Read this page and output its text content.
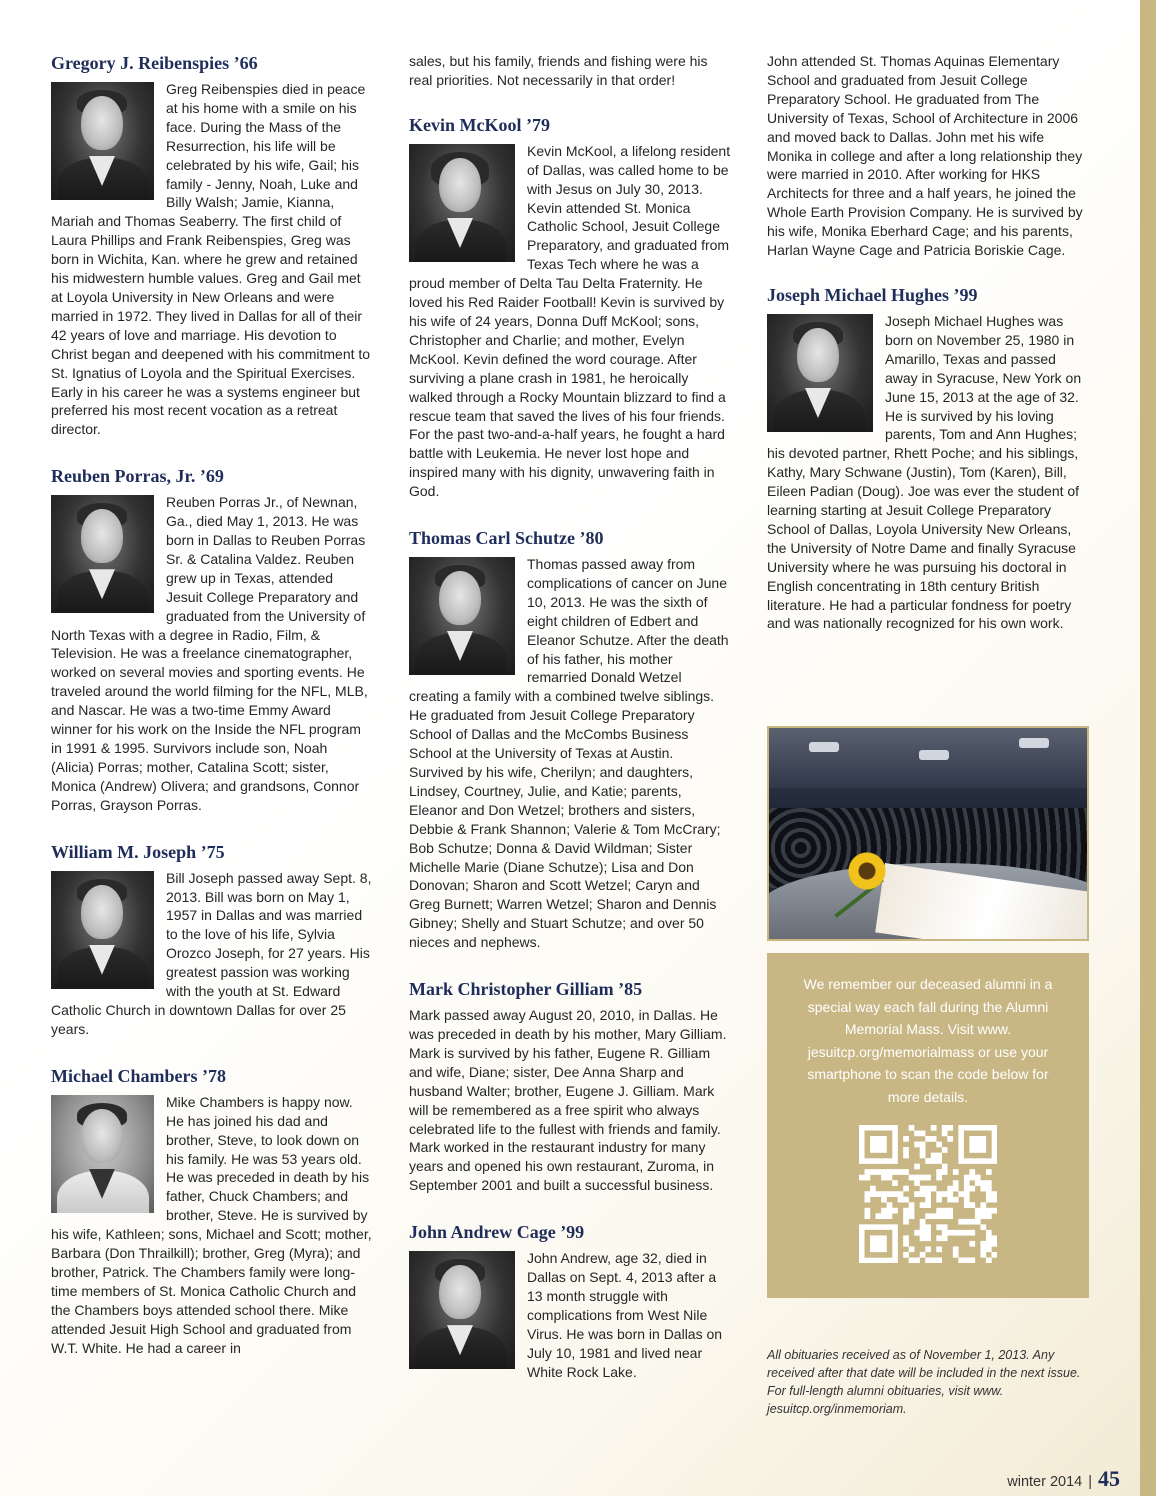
Gregory J. Reibenspies ’66

Greg Reibenspies died in peace at his home with a smile on his face. During the Mass of the Resurrection, his life will be celebrated by his wife, Gail; his family - Jenny, Noah, Luke and Billy Walsh; Jamie, Kianna, Mariah and Thomas Seaberry. The first child of Laura Phillips and Frank Reibenspies, Greg was born in Wichita, Kan. where he grew and retained his midwestern humble values. Greg and Gail met at Loyola University in New Orleans and were married in 1972. They lived in Dallas for all of their 42 years of love and marriage. His devotion to Christ began and deepened with his commitment to St. Ignatius of Loyola and the Spiritual Exercises. Early in his career he was a systems engineer but preferred his most recent vocation as a retreat director.

Reuben Porras, Jr. ’69

Reuben Porras Jr., of Newnan, Ga., died May 1, 2013. He was born in Dallas to Reuben Porras Sr. & Catalina Valdez. Reuben grew up in Texas, attended Jesuit College Preparatory and graduated from the University of North Texas with a degree in Radio, Film, & Television. He was a freelance cinematographer, worked on several movies and sporting events. He traveled around the world filming for the NFL, MLB, and Nascar. He was a two-time Emmy Award winner for his work on the Inside the NFL program in 1991 & 1995. Survivors include son, Noah (Alicia) Porras; mother, Catalina Scott; sister, Monica (Andrew) Olivera; and grandsons, Connor Porras, Grayson Porras.

William M. Joseph ’75

Bill Joseph passed away Sept. 8, 2013. Bill was born on May 1, 1957 in Dallas and was married to the love of his life, Sylvia Orozco Joseph, for 27 years. His greatest passion was working with the youth at St. Edward Catholic Church in downtown Dallas for over 25 years.

Michael Chambers ’78

Mike Chambers is happy now. He has joined his dad and brother, Steve, to look down on his family. He was 53 years old. He was preceded in death by his father, Chuck Chambers; and brother, Steve. He is survived by his wife, Kathleen; sons, Michael and Scott; mother, Barbara (Don Thrailkill); brother, Greg (Myra); and brother, Patrick. The Chambers family were long-time members of St. Monica Catholic Church and the Chambers boys attended school there. Mike attended Jesuit High School and graduated from W.T. White. He had a career in

sales, but his family, friends and fishing were his real priorities. Not necessarily in that order!

Kevin McKool ’79

Kevin McKool, a lifelong resident of Dallas, was called home to be with Jesus on July 30, 2013. Kevin attended St. Monica Catholic School, Jesuit College Preparatory, and graduated from Texas Tech where he was a proud member of Delta Tau Delta Fraternity. He loved his Red Raider Football! Kevin is survived by his wife of 24 years, Donna Duff McKool; sons, Christopher and Charlie; and mother, Evelyn McKool. Kevin defined the word courage. After surviving a plane crash in 1981, he heroically walked through a Rocky Mountain blizzard to find a rescue team that saved the lives of his four friends. For the past two-and-a-half years, he fought a hard battle with Leukemia. He never lost hope and inspired many with his dignity, unwavering faith in God.

Thomas Carl Schutze ’80

Thomas passed away from complications of cancer on June 10, 2013. He was the sixth of eight children of Edbert and Eleanor Schutze. After the death of his father, his mother remarried Donald Wetzel creating a family with a combined twelve siblings. He graduated from Jesuit College Preparatory School of Dallas and the McCombs Business School at the University of Texas at Austin. Survived by his wife, Cherilyn; and daughters, Lindsey, Courtney, Julie, and Katie; parents, Eleanor and Don Wetzel; brothers and sisters, Debbie & Frank Shannon; Valerie & Tom McCrary; Bob Schutze; Donna & David Wildman; Sister Michelle Marie (Diane Schutze); Lisa and Don Donovan; Sharon and Scott Wetzel; Caryn and Greg Burnett; Warren Wetzel; Sharon and Dennis Gibney; Shelly and Stuart Schutze; and over 50 nieces and nephews.

Mark Christopher Gilliam ’85

Mark passed away August 20, 2010, in Dallas. He was preceded in death by his mother, Mary Gilliam. Mark is survived by his father, Eugene R. Gilliam and wife, Diane; sister, Dee Anna Sharp and husband Walter; brother, Eugene J. Gilliam. Mark will be remembered as a free spirit who always celebrated life to the fullest with friends and family. Mark worked in the restaurant industry for many years and opened his own restaurant, Zuroma, in September 2001 and built a successful business.

John Andrew Cage ’99

John Andrew, age 32, died in Dallas on Sept. 4, 2013 after a 13 month struggle with complications from West Nile Virus. He was born in Dallas on July 10, 1981 and lived near White Rock Lake.

John attended St. Thomas Aquinas Elementary School and graduated from Jesuit College Preparatory School. He graduated from The University of Texas, School of Architecture in 2006 and moved back to Dallas. John met his wife Monika in college and after a long relationship they were married in 2010. After working for HKS Architects for three and a half years, he joined the Whole Earth Provision Company. He is survived by his wife, Monika Eberhard Cage; and his parents, Harlan Wayne Cage and Patricia Boriskie Cage.

Joseph Michael Hughes ’99

Joseph Michael Hughes was born on November 25, 1980 in Amarillo, Texas and passed away in Syracuse, New York on June 15, 2013 at the age of 32. He is survived by his loving parents, Tom and Ann Hughes; his devoted partner, Rhett Poche; and his siblings, Kathy, Mary Schwane (Justin), Tom (Karen), Bill, Eileen Padian (Doug). Joe was ever the student of learning starting at Jesuit College Preparatory School of Dallas, Loyola University New Orleans, the University of Notre Dame and finally Syracuse University where he was pursuing his doctoral in English concentrating in 18th century British literature. He had a particular fondness for poetry and was nationally recognized for his own work.

We remember our deceased alumni in a special way each fall during the Alumni Memorial Mass. Visit www. jesuitcp.org/memorialmass or use your smartphone to scan the code below for more details.
All obituaries received as of November 1, 2013. Any received after that date will be included in the next issue. For full-length alumni obituaries, visit www. jesuitcp.org/inmemoriam.
winter 2014 | 45
